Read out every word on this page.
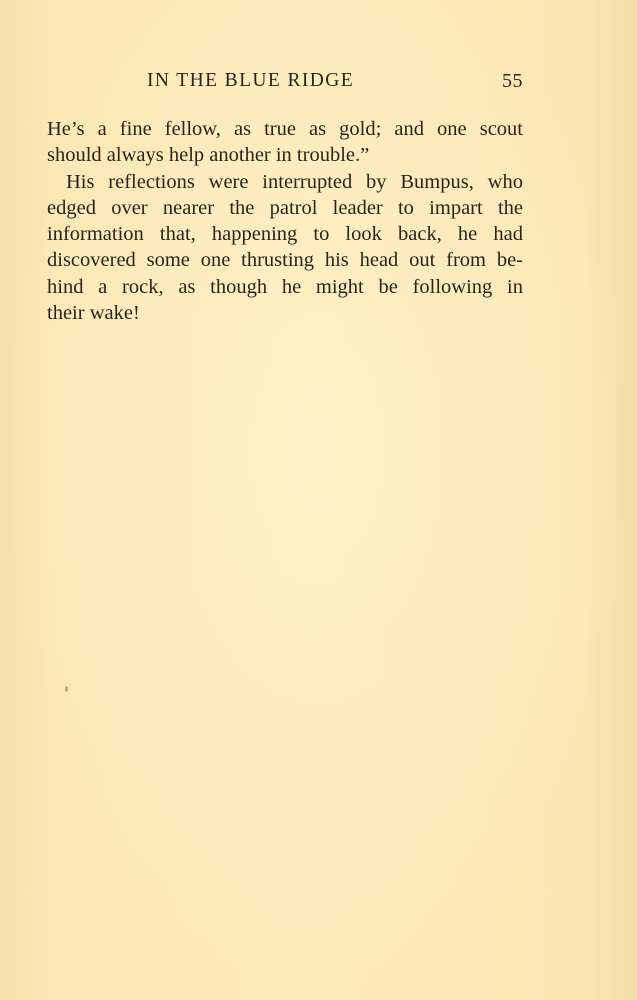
IN THE BLUE RIDGE	55
He’s a fine fellow, as true as gold; and one scout
should always help another in trouble.”
His reflections were interrupted by Bumpus, who
edged over nearer the patrol leader to impart the
information that, happening to look back, he had
discovered some one thrusting his head out from be-
hind a rock, as though he might be following in
their wake!
